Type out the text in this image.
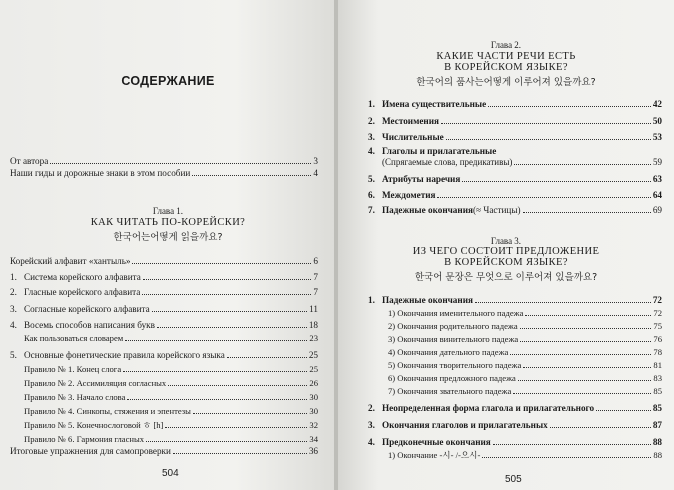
СОДЕРЖАНИЕ
От автора	3
Наши гиды и дорожные знаки в этом пособии	4
Глава 1.
КАК ЧИТАТЬ ПО-КОРЕЙСКИ?
한국어는어떻게 읽을까요?
Корейский алфавит «хантыль»	6
1. Система корейского алфавита	7
2. Гласные корейского алфавита	7
3. Согласные корейского алфавита	11
4. Восемь способов написания букв	18
Как пользоваться словарем	23
5. Основные фонетические правила корейского языка	25
Правило № 1. Конец слога	25
Правило № 2. Ассимиляция согласных	26
Правило № 3. Начало слова	30
Правило № 4. Синкопы, стяжения и эпентезы	30
Правило № 5. Конечнослоговой ㅎ [h]	32
Правило № 6. Гармония гласных	34
Итоговые упражнения для самопроверки	36
504
Глава 2.
КАКИЕ ЧАСТИ РЕЧИ ЕСТЬ
В КОРЕЙСКОМ ЯЗЫКЕ?
한국어의 품사는어떻게 이루어져 있을까요?
1. Имена существительные	42
2. Местоимения	50
3. Числительные	53
4. Глаголы и прилагательные
(Спрягаемые слова, предикативы)	59
5. Атрибуты наречия	63
6. Междометия	64
7. Падежные окончания (≈ Частицы)	69
Глава 3.
ИЗ ЧЕГО СОСТОИТ ПРЕДЛОЖЕНИЕ
В КОРЕЙСКОМ ЯЗЫКЕ?
한국어 문장은 무엇으로 이루어져 있을까요?
1. Падежные окончания	72
1) Окончания именительного падежа	72
2) Окончания родительного падежа	75
3) Окончания винительного падежа	76
4) Окончания дательного падежа	78
5) Окончания творительного падежа	81
6) Окончания предложного падежа	83
7) Окончания звательного падежа	85
2. Неопределенная форма глагола и прилагательного	85
3. Окончания глаголов и прилагательных	87
4. Предконечные окончания	88
1) Окончание -시- /-으시-	88
505
